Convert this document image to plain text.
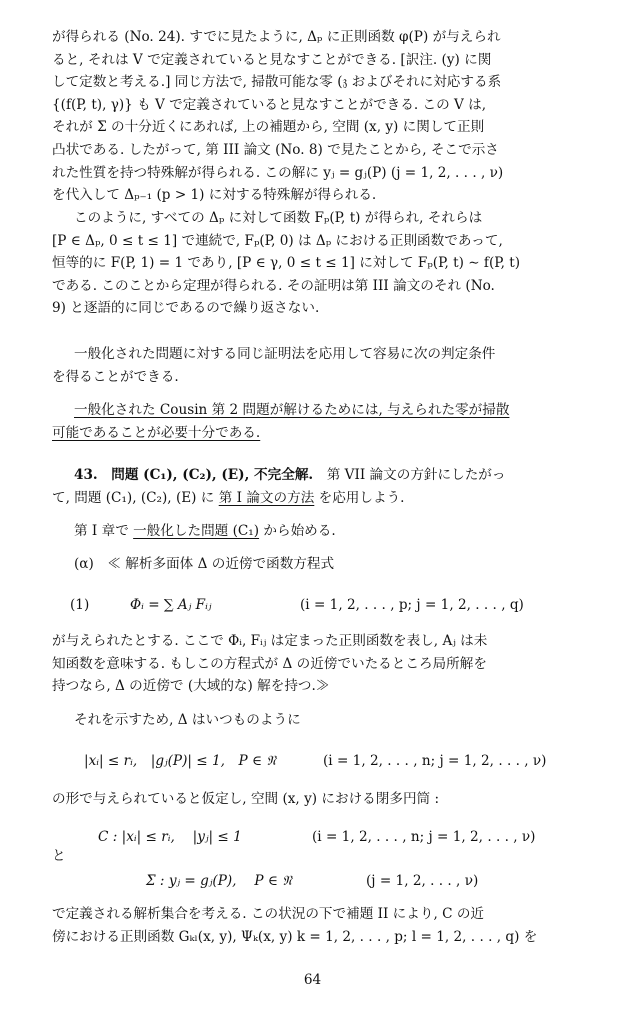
が得られる (No. 24). すでに見たように, Δₚ に正則函数 φ(P) が与えられ
ると, それは V で定義されていると見なすことができる. [訳注. (y) に関
して定数と考える.] 同じ方法で, 掃散可能な零 (𝔷 およびそれに対応する系
{(f(P, t), γ)} も V で定義されていると見なすことができる. この V は,
それが Σ の十分近くにあれば, 上の補題から, 空間 (x, y) に関して正則
凸状である. したがって, 第 III 論文 (No. 8) で見たことから, そこで示さ
れた性質を持つ特殊解が得られる. この解に yⱼ = gⱼ(P) (j = 1, 2, . . . , ν)
を代入して Δₚ₋₁ (p > 1) に対する特殊解が得られる.
このように, すべての Δₚ に対して函数 Fₚ(P, t) が得られ, それらは
[P ∈ Δₚ, 0 ≤ t ≤ 1] で連続で, Fₚ(P, 0) は Δₚ における正則函数であって,
恒等的に F(P, 1) = 1 であり, [P ∈ γ, 0 ≤ t ≤ 1] に対して Fₚ(P, t) ∼ f(P, t)
である. このことから定理が得られる. その証明は第 III 論文のそれ (No.
9) と逐語的に同じであるので繰り返さない.
一般化された問題に対する同じ証明法を応用して容易に次の判定条件
を得ることができる.
一般化された Cousin 第 2 問題が解けるためには, 与えられた零が掃散
可能であることが必要十分である.
43.　問題 (C₁), (C₂), (E), 不完全解.　第 VII 論文の方針にしたがっ
て, 問題 (C₁), (C₂), (E) に 第 I 論文の方法 を応用しよう.
第 I 章で 一般化した問題 (C₁) から始める.
(α)　≪ 解析多面体 Δ の近傍で函数方程式
(1)	Φᵢ = ∑ Aⱼ Fᵢⱼ	(i = 1, 2, . . . , p; j = 1, 2, . . . , q)
が与えられたとする. ここで Φᵢ, Fᵢⱼ は定まった正則函数を表し, Aⱼ は未
知函数を意味する. もしこの方程式が Δ の近傍でいたるところ局所解を
持つなら, Δ の近傍で (大域的な) 解を持つ.≫
それを示すため, Δ はいつものように
|xᵢ| ≤ rᵢ,　|gⱼ(P)| ≤ 1,　P ∈ 𝔑	(i = 1, 2, . . . , n; j = 1, 2, . . . , ν)
の形で与えられていると仮定し, 空間 (x, y) における閉多円筒 :
C : |xᵢ| ≤ rᵢ,　 |yⱼ| ≤ 1	(i = 1, 2, . . . , n; j = 1, 2, . . . , ν)
と
Σ : yⱼ = gⱼ(P),　 P ∈ 𝔑	(j = 1, 2, . . . , ν)
で定義される解析集合を考える. この状況の下で補題 II により, C の近
傍における正則函数 Gₖₗ(x, y), Ψₖ(x, y) k = 1, 2, . . . , p; l = 1, 2, . . . , q) を
64
